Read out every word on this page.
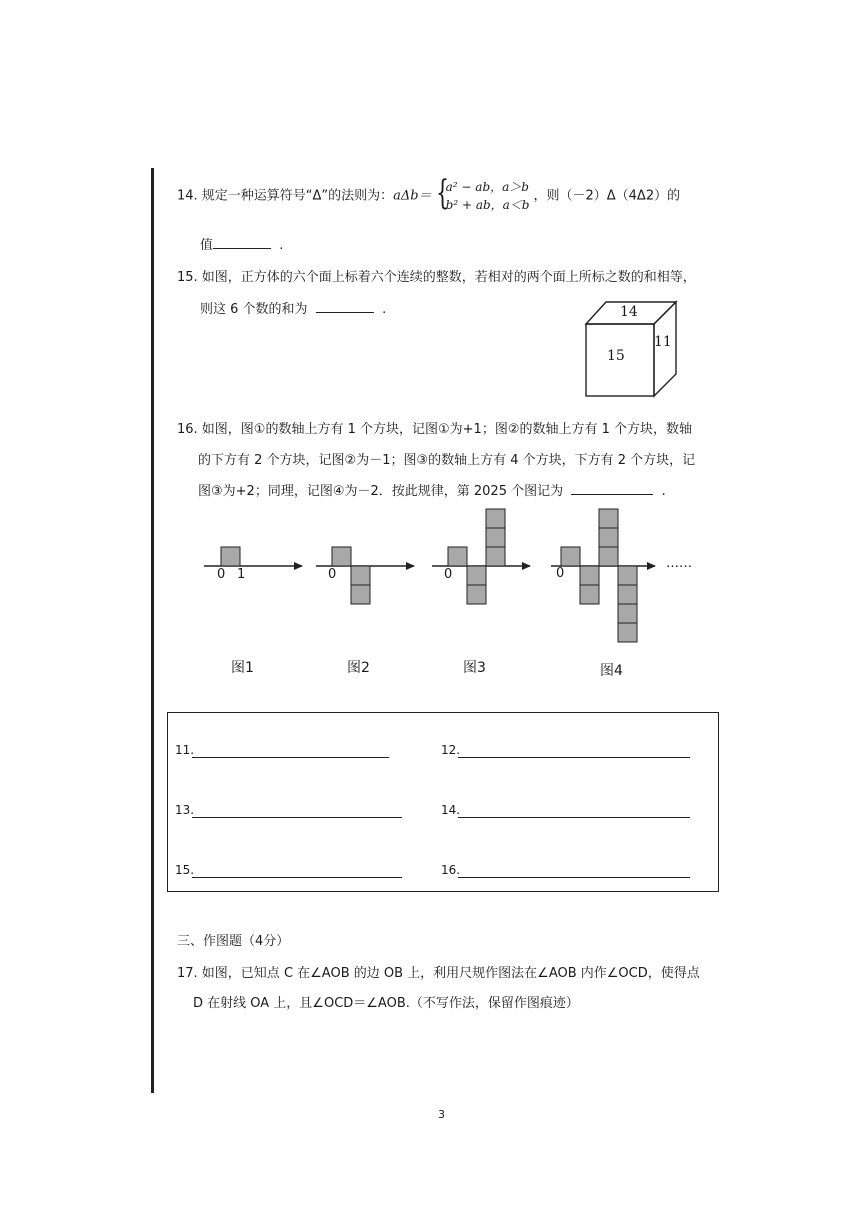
14. 规定一种运算符号“Δ”的法则为：aΔb＝ {
a² − ab，a＞b
b² + ab，a＜b
，则（－2）Δ（4Δ2）的
值	.
15. 如图，正方体的六个面上标着六个连续的整数，若相对的两个面上所标之数的和相等，
则这 6 个数的和为	.	14
15
11
16. 如图，图①的数轴上方有 1 个方块，记图①为+1；图②的数轴上方有 1 个方块，数轴
的下方有 2 个方块，记图②为－1；图③的数轴上方有 4 个方块，下方有 2 个方块，记
图③为+2；同理，记图④为－2．按此规律，第 2025 个图记为	.
图1	图2	图3	图4
0 1	0	0	0
……
11.	12.
13.	14.
15.	16.
三、作图题（4分）
17. 如图，已知点 C 在∠AOB 的边 OB 上，利用尺规作图法在∠AOB 内作∠OCD，使得点
D 在射线 OA 上，且∠OCD＝∠AOB.（不写作法，保留作图痕迹）
3
